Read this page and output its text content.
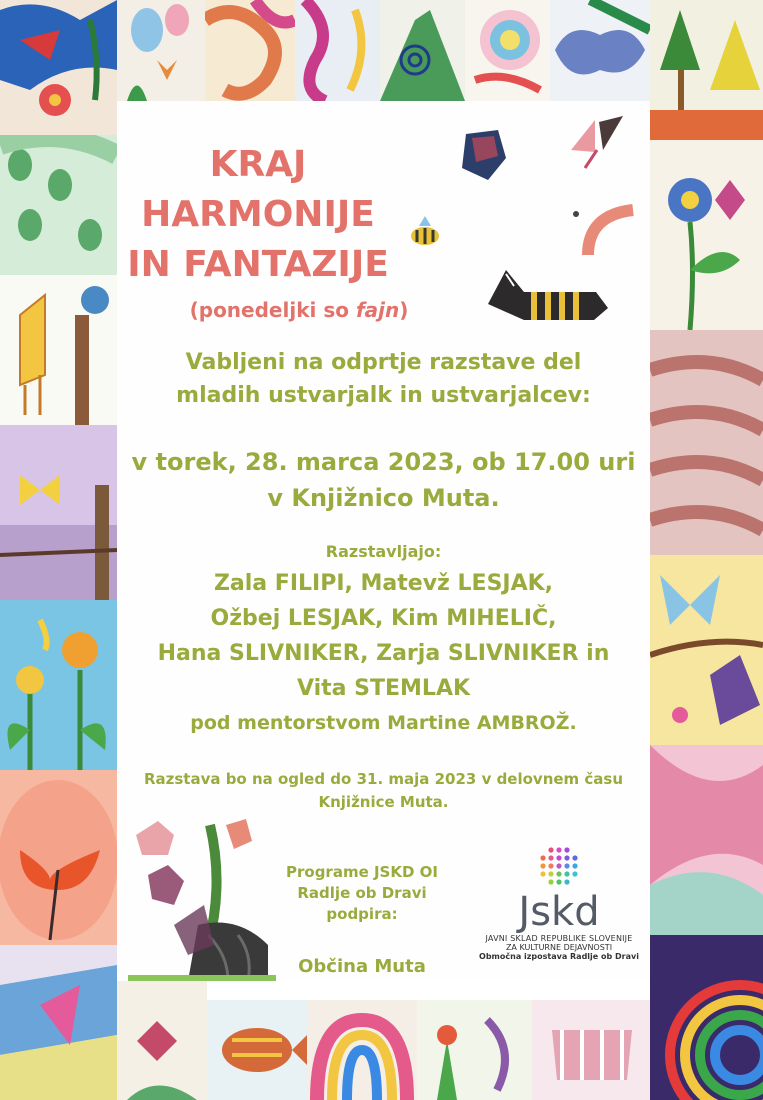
KRAJ
HARMONIJE
IN FANTAZIJE
(ponedeljki so fajn)
Vabljeni na odprtje razstave del
mladih ustvarjalk in ustvarjalcev:
v torek, 28. marca 2023, ob 17.00 uri
v Knjižnico Muta.
Razstavljajo:
Zala FILIPI, Matevž LESJAK,
Ožbej LESJAK, Kim MIHELIČ,
Hana SLIVNIKER, Zarja SLIVNIKER in
Vita STEMLAK
pod mentorstvom Martine AMBROŽ.
Razstava bo na ogled do 31. maja 2023 v delovnem času
Knjižnice Muta.
Programe JSKD OI
Radlje ob Dravi
podpira:
Občina Muta
Jskd
JAVNI SKLAD REPUBLIKE SLOVENIJE
ZA KULTURNE DEJAVNOSTI
Območna izpostava Radlje ob Dravi
